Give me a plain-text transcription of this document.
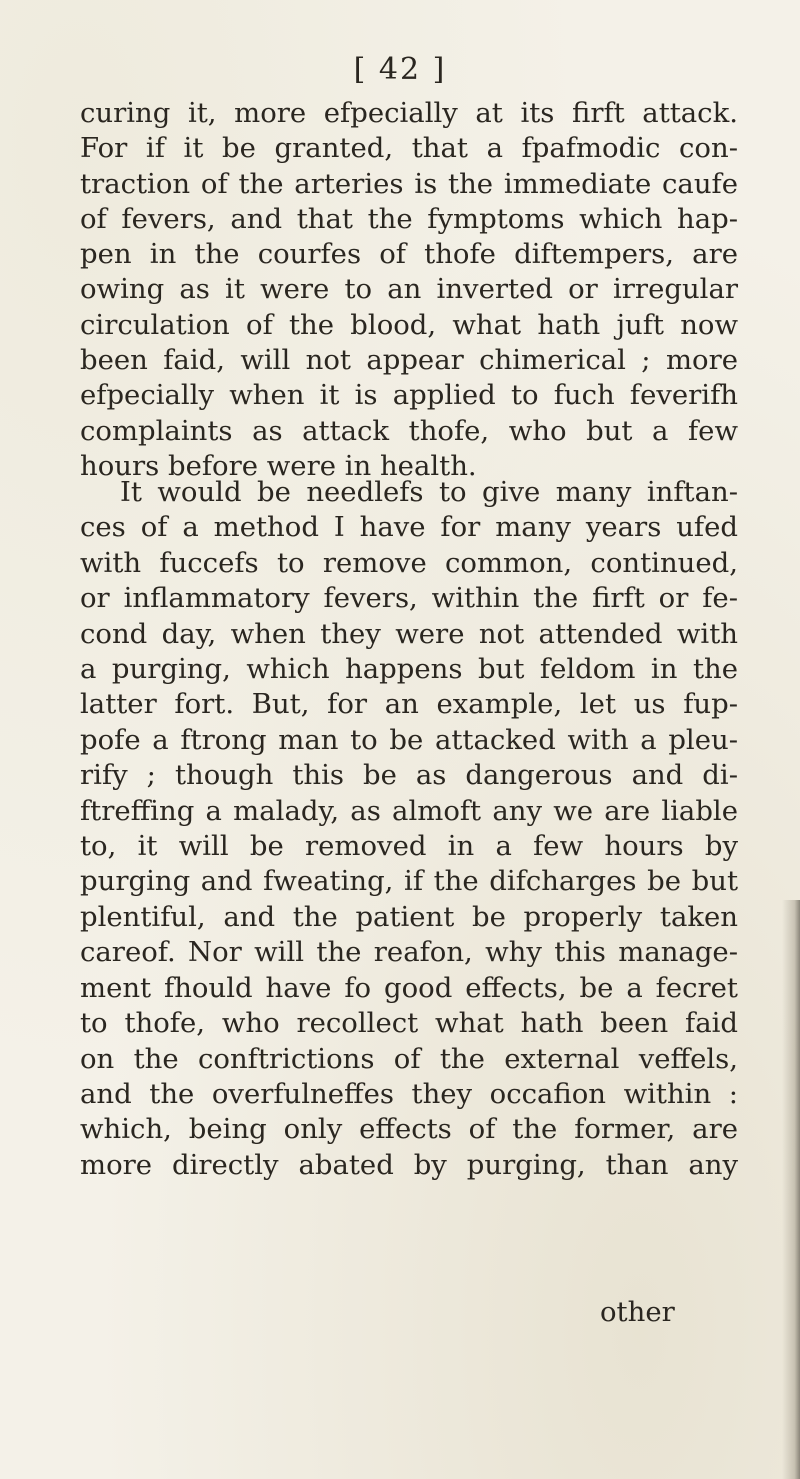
[ 42 ]
curing it, more efpecially at its firft attack.
For if it be granted, that a fpafmodic con-
traction of the arteries is the immediate caufe
of fevers, and that the fymptoms which hap-
pen in the courfes of thofe diftempers, are
owing as it were to an inverted or irregular
circulation of the blood, what hath juft now
been faid, will not appear chimerical ; more
efpecially when it is applied to fuch feverifh
complaints as attack thofe, who but a few
hours before were in health.
It would be needlefs to give many inftan-
ces of a method I have for many years ufed
with fuccefs to remove common, continued,
or inflammatory fevers, within the firft or fe-
cond day, when they were not attended with
a purging, which happens but feldom in the
latter fort. But, for an example, let us fup-
pofe a ftrong man to be attacked with a pleu-
rify ; though this be as dangerous and di-
ftreffing a malady, as almoft any we are liable
to, it will be removed in a few hours by
purging and fweating, if the difcharges be but
plentiful, and the patient be properly taken
careof. Nor will the reafon, why this manage-
ment fhould have fo good effects, be a fecret
to thofe, who recollect what hath been faid
on the conftrictions of the external veffels,
and the overfulneffes they occafion within :
which, being only effects of the former, are
more directly abated by purging, than any
other
